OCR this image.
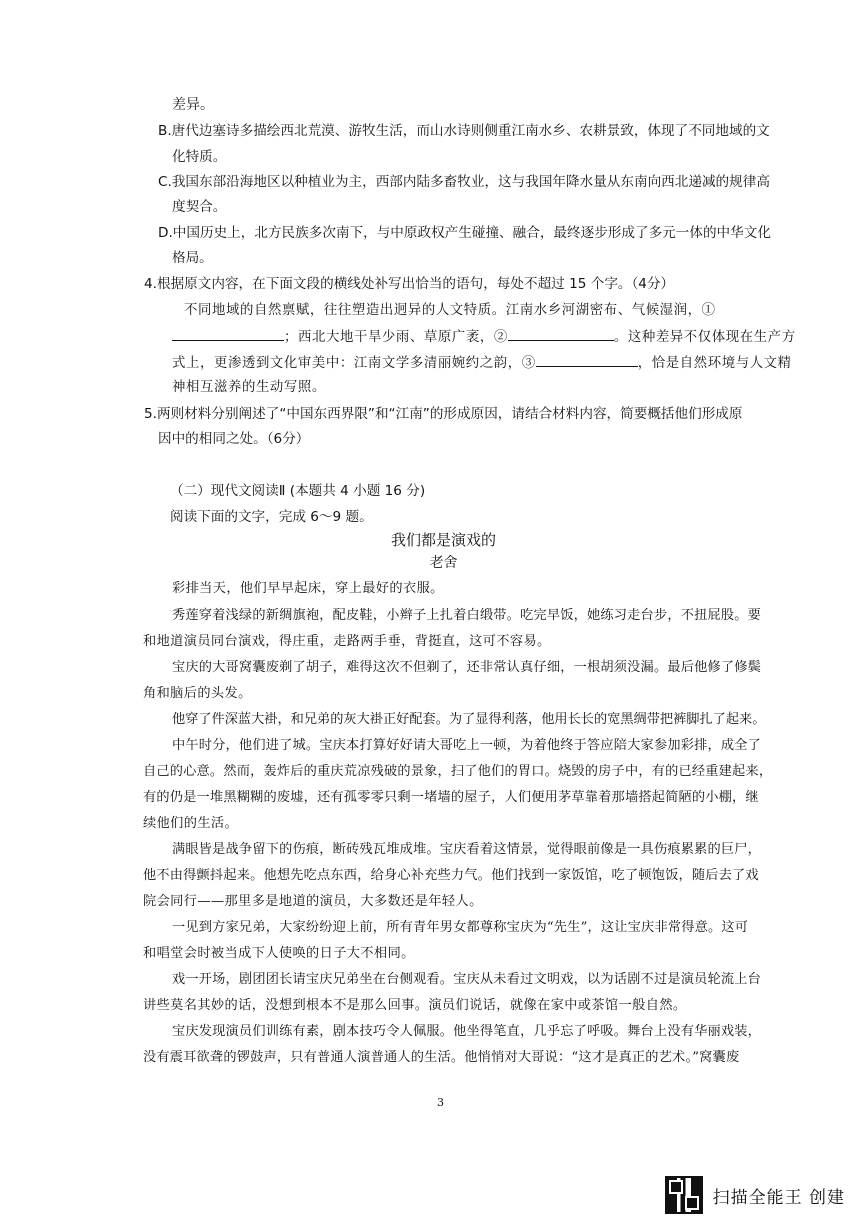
差异。
B.唐代边塞诗多描绘西北荒漠、游牧生活，而山水诗则侧重江南水乡、农耕景致，体现了不同地域的文
化特质。
C.我国东部沿海地区以种植业为主，西部内陆多畜牧业，这与我国年降水量从东南向西北递减的规律高
度契合。
D.中国历史上，北方民族多次南下，与中原政权产生碰撞、融合，最终逐步形成了多元一体的中华文化
格局。
4.根据原文内容，在下面文段的横线处补写出恰当的语句，每处不超过 15 个字。（4分）
不同地域的自然禀赋，往往塑造出迥异的人文特质。江南水乡河湖密布、气候湿润，①
；西北大地干旱少雨、草原广袤，②	。这种差异不仅体现在生产方
式上，更渗透到文化审美中：江南文学多清丽婉约之韵，③	，恰是自然环境与人文精
神相互滋养的生动写照。
5.两则材料分别阐述了“中国东西界限”和“江南”的形成原因，请结合材料内容，简要概括他们形成原
因中的相同之处。（6分）
（二）现代文阅读Ⅱ (本题共 4 小题 16 分)
阅读下面的文字，完成 6～9 题。
我们都是演戏的
老舍
彩排当天，他们早早起床，穿上最好的衣服。
秀莲穿着浅绿的新绸旗袍，配皮鞋，小辫子上扎着白缎带。吃完早饭，她练习走台步，不扭屁股。要
和地道演员同台演戏，得庄重，走路两手垂，背挺直，这可不容易。
宝庆的大哥窝囊废剃了胡子，难得这次不但剃了，还非常认真仔细，一根胡须没漏。最后他修了修鬓
角和脑后的头发。
他穿了件深蓝大褂，和兄弟的灰大褂正好配套。为了显得利落，他用长长的宽黑绸带把裤脚扎了起来。
中午时分，他们进了城。宝庆本打算好好请大哥吃上一顿，为着他终于答应陪大家参加彩排，成全了
自己的心意。然而，轰炸后的重庆荒凉残破的景象，扫了他们的胃口。烧毁的房子中，有的已经重建起来，
有的仍是一堆黑糊糊的废墟，还有孤零零只剩一堵墙的屋子，人们便用茅草靠着那墙搭起简陋的小棚，继
续他们的生活。
满眼皆是战争留下的伤痕，断砖残瓦堆成堆。宝庆看着这情景，觉得眼前像是一具伤痕累累的巨尸，
他不由得颤抖起来。他想先吃点东西，给身心补充些力气。他们找到一家饭馆，吃了顿饱饭，随后去了戏
院会同行——那里多是地道的演员，大多数还是年轻人。
一见到方家兄弟，大家纷纷迎上前，所有青年男女都尊称宝庆为“先生”，这让宝庆非常得意。这可
和唱堂会时被当成下人使唤的日子大不相同。
戏一开场，剧团团长请宝庆兄弟坐在台侧观看。宝庆从未看过文明戏，以为话剧不过是演员轮流上台
讲些莫名其妙的话，没想到根本不是那么回事。演员们说话，就像在家中或茶馆一般自然。
宝庆发现演员们训练有素，剧本技巧令人佩服。他坐得笔直，几乎忘了呼吸。舞台上没有华丽戏装，
没有震耳欲聋的锣鼓声，只有普通人演普通人的生活。他悄悄对大哥说：“这才是真正的艺术。”窝囊废
3
扫描全能王 创建
